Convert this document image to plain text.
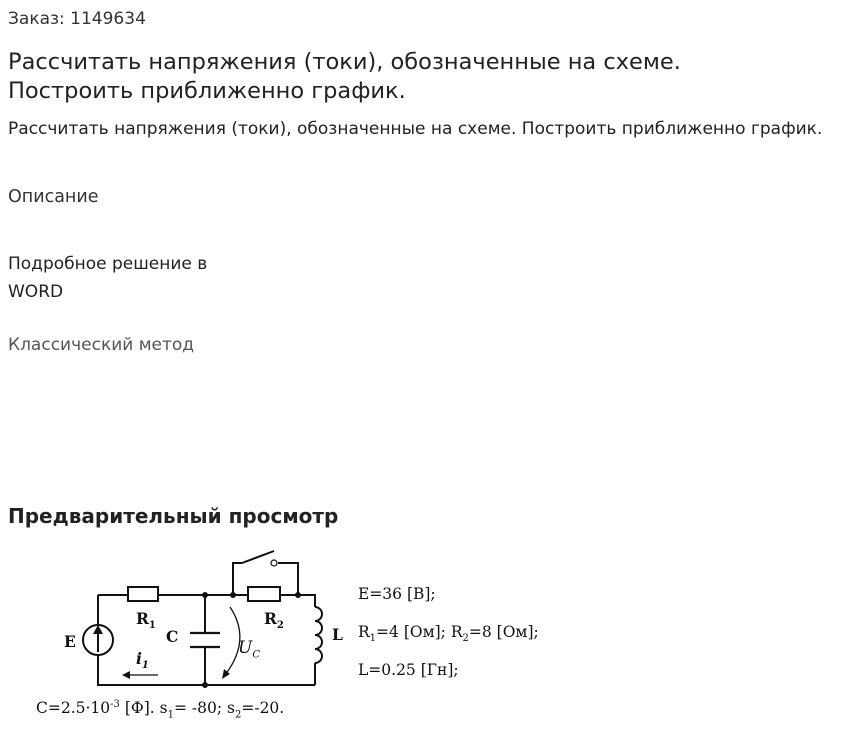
Заказ: 1149634
Рассчитать напряжения (токи), обозначенные на схеме.
Построить приближенно график.
Рассчитать напряжения (токи), обозначенные на схеме. Построить приближенно график.
Описание
Подробное решение в
WORD
Классический метод
Предварительный просмотр
E
$R_1$
C
$i_1$
$R_2$
$U_C$
L
E=36 [В];
$R_1=4$ [Ом]; $R_2=8$ [Ом];
L=0.25 [Гн];
$C=2.5\cdot 10^{-3}$ [Ф]. $s_1= -80$; $s_2=-20$.
